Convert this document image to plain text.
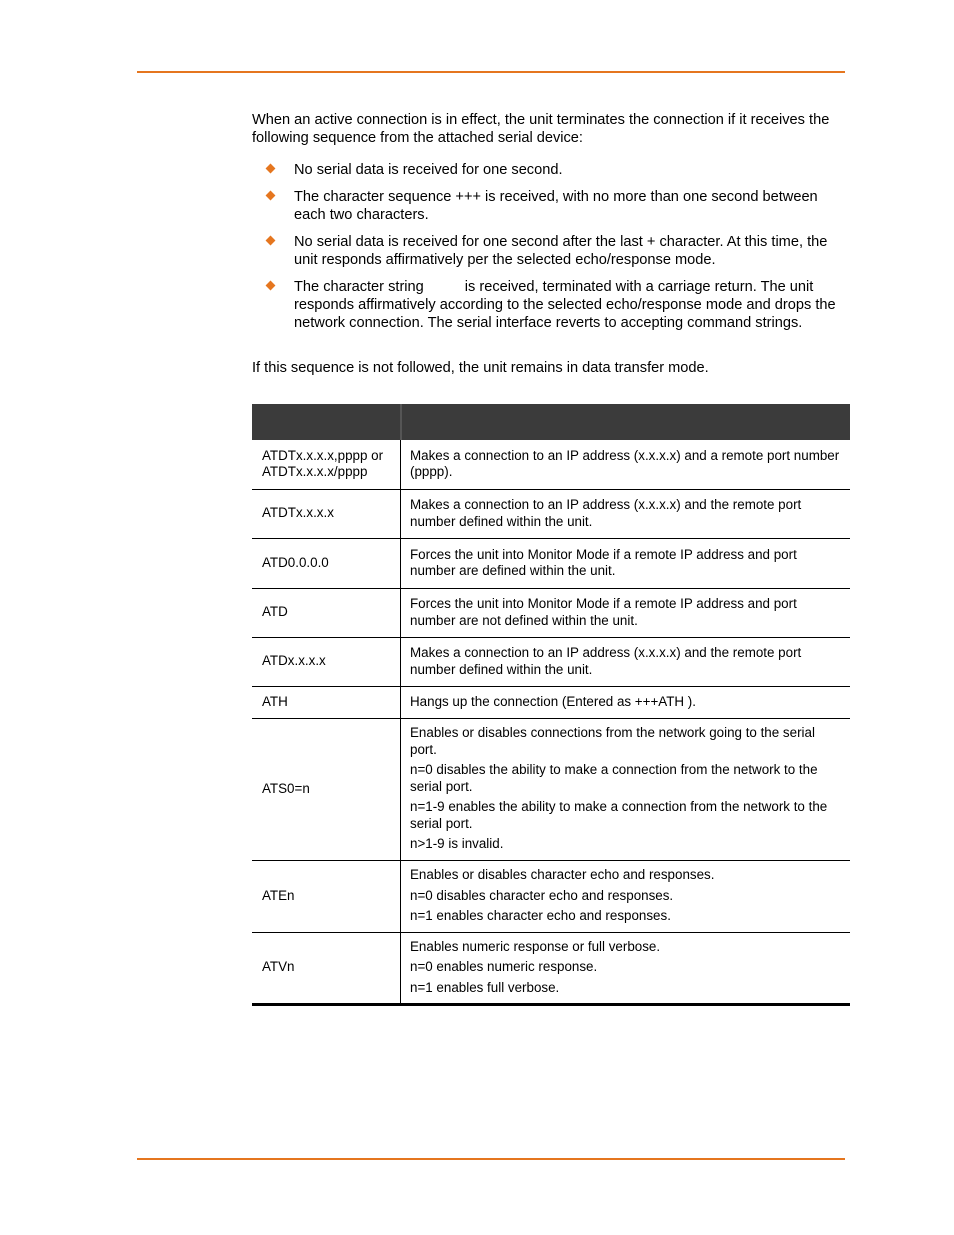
When an active connection is in effect, the unit terminates the connection if it receives the following sequence from the attached serial device:

No serial data is received for one second.
The character sequence +++ is received, with no more than one second between each two characters.
No serial data is received for one second after the last + character. At this time, the unit responds affirmatively per the selected echo/response mode.
The character string	is received, terminated with a carriage return. The unit responds affirmatively according to the selected echo/response mode and drops the network connection. The serial interface reverts to accepting command strings.

If this sequence is not followed, the unit remains in data transfer mode.

ATDTx.x.x.x,pppp or ATDTx.x.x.x/pppp	Makes a connection to an IP address (x.x.x.x) and a remote port number (pppp).

ATDTx.x.x.x	Makes a connection to an IP address (x.x.x.x) and the remote port number defined within the unit.

ATD0.0.0.0	Forces the unit into Monitor Mode if a remote IP address and port number are defined within the unit.

ATD	Forces the unit into Monitor Mode if a remote IP address and port number are not defined within the unit.

ATDx.x.x.x	Makes a connection to an IP address (x.x.x.x) and the remote port number defined within the unit.

ATH	Hangs up the connection (Entered as +++ATH ).

ATS0=n	Enables or disables connections from the network going to the serial port.
n=0 disables the ability to make a connection from the network to the serial port.
n=1-9 enables the ability to make a connection from the network to the serial port.
n>1-9 is invalid.

ATEn	Enables or disables character echo and responses.
n=0 disables character echo and responses.
n=1 enables character echo and responses.

ATVn	Enables numeric response or full verbose.
n=0 enables numeric response.
n=1 enables full verbose.
